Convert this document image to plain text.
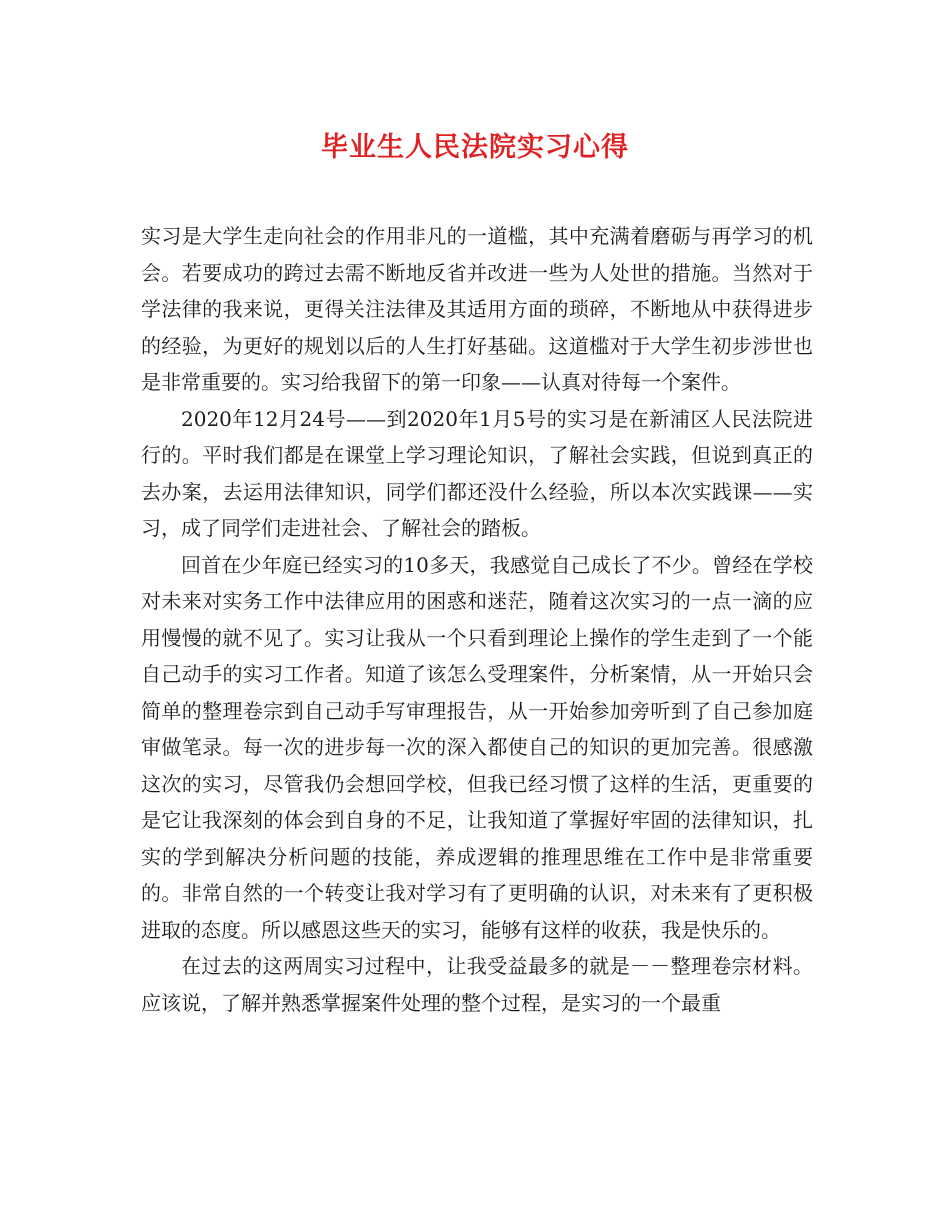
毕业生人民法院实习心得

实习是大学生走向社会的作用非凡的一道槛，其中充满着磨砺与再学习的机会。若要成功的跨过去需不断地反省并改进一些为人处世的措施。当然对于学法律的我来说，更得关注法律及其适用方面的琐碎，不断地从中获得进步的经验，为更好的规划以后的人生打好基础。这道槛对于大学生初步涉世也是非常重要的。实习给我留下的第一印象——认真对待每一个案件。

2020年12月24号——到2020年1月5号的实习是在新浦区人民法院进行的。平时我们都是在课堂上学习理论知识，了解社会实践，但说到真正的去办案，去运用法律知识，同学们都还没什么经验，所以本次实践课——实习，成了同学们走进社会、了解社会的踏板。

回首在少年庭已经实习的10多天，我感觉自己成长了不少。曾经在学校对未来对实务工作中法律应用的困惑和迷茫，随着这次实习的一点一滴的应用慢慢的就不见了。实习让我从一个只看到理论上操作的学生走到了一个能自己动手的实习工作者。知道了该怎么受理案件，分析案情，从一开始只会简单的整理卷宗到自己动手写审理报告，从一开始参加旁听到了自己参加庭审做笔录。每一次的进步每一次的深入都使自己的知识的更加完善。很感激这次的实习，尽管我仍会想回学校，但我已经习惯了这样的生活，更重要的是它让我深刻的体会到自身的不足，让我知道了掌握好牢固的法律知识，扎实的学到解决分析问题的技能，养成逻辑的推理思维在工作中是非常重要的。非常自然的一个转变让我对学习有了更明确的认识，对未来有了更积极进取的态度。所以感恩这些天的实习，能够有这样的收获，我是快乐的。

在过去的这两周实习过程中，让我受益最多的就是－－整理卷宗材料。应该说，了解并熟悉掌握案件处理的整个过程，是实习的一个最重
